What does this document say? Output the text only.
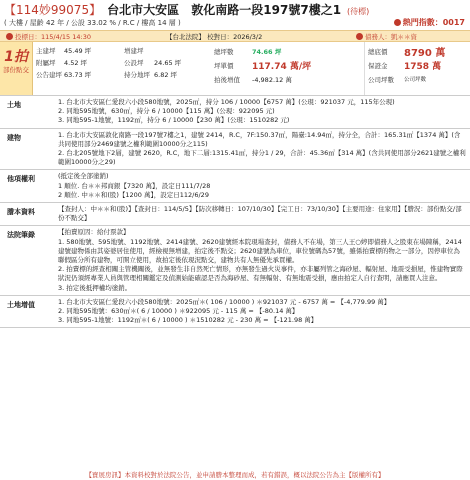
【114妙99075】 台北市大安區 敦化南路一段197號7樓之1 (待標)
( 大樓 / 屋齡 42 年 / 公設 33.02 % / R.C / 樓高 14 層 )	熱門指數：0017
投標日：115/4/15 14:30	【台北法院】 校對日：2026/3/2	債務人：凱＊＊資
1拍
部份點交
主建坪	45.49 坪
附屬坪	4.52 坪
公告建坪 63.73 坪
增建坪
公設坪	24.65 坪
持分地坪 6.82 坪
總坪數	74.66 坪
坪單價	117.74 萬/坪
拍後增值	-4,982.12 萬
總底價	8790 萬
保證金	1758 萬
公司坪數	公司坪數
土地	1. 台北市大安區仁愛段六小段580地號，2025㎡，持分 106 / 10000【6757 萬】(公現：921037 元，115年公現)
2. 同地595地號，630㎡，持分 6 / 10000【115 萬】(公現：922095 元)
3. 同地595-1地號，1192㎡，持分 6 / 10000【230 萬】(公現：1510282 元)
建物	1. 台北市大安區敦化南路一段197號7樓之1，建號 2414，R.C，7F:150.37㎡，陽臺:14.94㎡，持分全，合計：165.31㎡【1374 萬】(含共同使用部分2469建號之權利範圍10000分之115)
2. 台北205號地下2層，建號 2620，R.C，地下二層:1315.41㎡，持分1 / 29，合計：45.36㎡【314 萬】(含共同使用部分2621建號之權利範圍10000分之29)
他項權利	(抵定後全部塗銷)
1 順位. 台＊＊邦商銀【7320 萬】，設定日111/7/28
2 順位. 中＊＊和(股)【1200 萬】，設定日112/6/29
謄本資料	【查封人：中＊＊和(股)】【查封日：114/5/5】【防次移轉日：107/10/30】【完工日：73/10/30】【主要用途：住家用】【謄況：部份點交/部份不點交】
法院筆錄	【拍賣原因：給付票款】
1. 580地號、595地號、1192地號、2414建號、2620建號經本院現場查封，債務人不在場，第三人王○婷即債務人之股東在場陳稱，2414建號建物係由其姿婆居住使用，經檢視無增建，拍定後不點交；2620建號為車位，車位號碼為57號，雖係拍賣標的物之一部分，因停車位為聯假區分所有建物，可開立使用，故拍定後依現況點交，建物共有人無優先承買權。
2. 拍賣標的經查相關主管機關後，並無發生非自然死亡情形，亦無發生過火災事件，亦非屬列管之海砂屋、輻射屋、地震受損屋，惟建物實際狀況仍須經專業人員與管理相關鑑定及偵測始能確認是否為海砂屋、有無輻射、有無地震受損，應由拍定人自行查明，請應買人注意。
3. 拍定後抵押權均塗銷。
土地增值	1. 台北市大安區仁愛段六小段580地號：2025㎡＊( 106 / 10000 ) ＊921037 元 - 6757 萬 = 【-4,779.99 萬】
2. 同地595地號：630㎡＊( 6 / 10000 ) ＊922095 元 - 115 萬 = 【-80.14 萬】
3. 同地595-1地號：1192㎡＊( 6 / 10000 ) ＊1510282 元 - 230 萬 = 【-121.98 萬】
【寶展房訊】本資料校對於法院公告，並申請謄本整理而成，若有錯誤，概以法院公告為主【版權所有】
